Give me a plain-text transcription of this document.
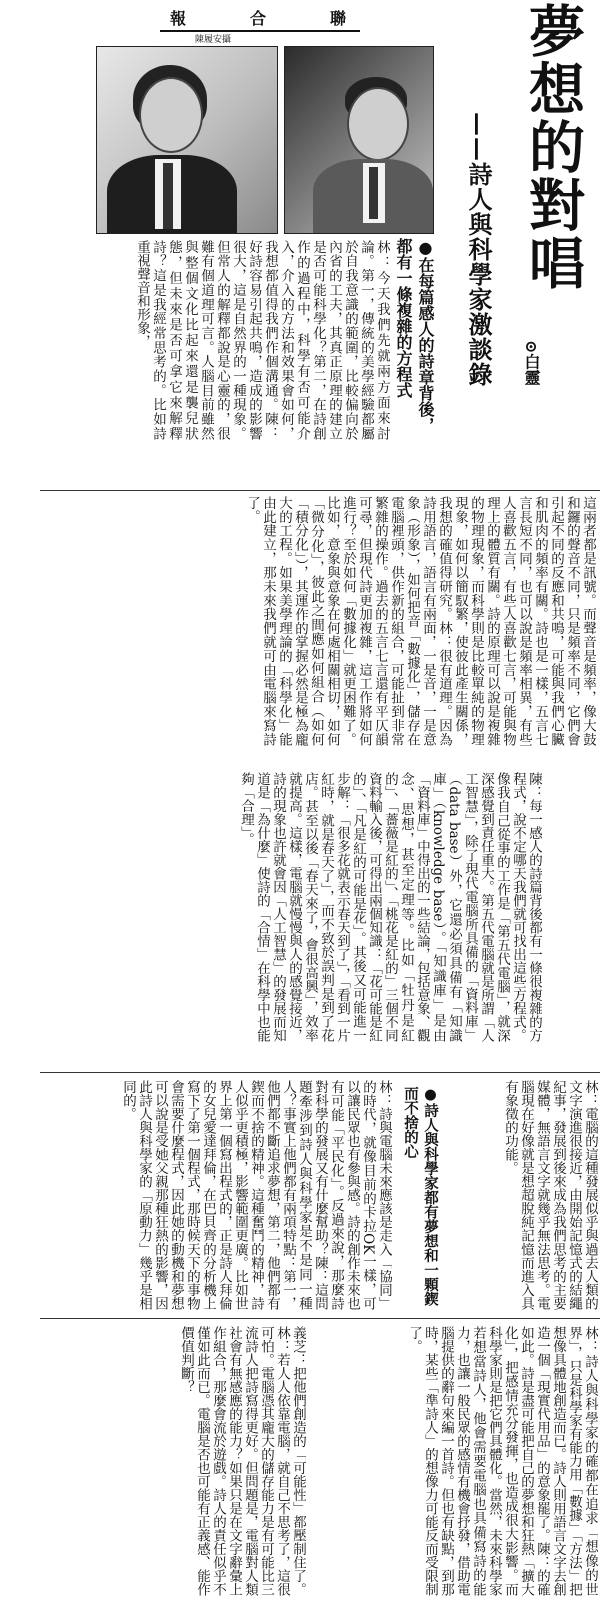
報	合	聯
陳履安攝	夢想的對唱
——詩人與科學家激談錄 ⊙白靈
●在每篇感人的詩章背後，都有一條複雜的方程式
林：今天我們先就兩方面來討論。第一，傳統的美學經驗都屬於自我意識的範圍，比較偏向於內省的工夫，其真正原理的建立是否可能科學化？第二，在詩創作的過程中，科學有否可能介入，介入的方法和效果會如何，我想都值得我們作個溝通。陳：好詩容易引起共鳴，造成的影響很大，這是自然界的一種現象。但常人的解釋都說是心靈的，很難有個道理可言。人腦目前雖然與整個文化比起來還是襲兒狀態，但未來是否可拿它來解釋詩？這是我經常思考的。比如詩重視聲音和形象，
這兩者都是訊號。而聲音是頻率，像大鼓和鑼的聲音不同，只是頻率不同，它們會引起不同的反應和共鳴，可能與我們心臟和肌肉的頻率有關。詩也是一樣，五言七言長短不同，也可以說是頻率相異，有些人喜歡五言，有些人喜歡七言，可能與物理上的體質有關。詩的原理可以說是複雜的物理現象，而科學則是比較單純的物理現象，如何以簡馭繁，使彼此產生關係，我想的確值得研究。林：很有道理。因為詩用語言，語言有兩面，一是音，一是意象（形象），如何把音「數據化」，儲存在電腦裡頭，供作新的組合，可能扯到非常繁雜的操作。過去的五言七言還有平仄韻可尋，但現代詩更加複雜，這工作將如何進行？至於如何「數據化」就更困難了。比如，意象與意象在何處相關相切，如何「微分化」，彼此之間應如何組合（如何「積分化」），其運作的掌握必然是極為龐大的工程。如果美學理論的「科學化」能由此建立，那未來我們就可由電腦來寫詩了。
陳：每一感人的詩篇背後都有一條很複雜的方程式，說不定哪天我們就可找出這些方程式。像我自己從事的工作是「第五代電腦」，就深深感覺到責任重大。第五代電腦就是所謂「人工智慧」，除了現代電腦所具備的「資料庫」（data base）外，它還必須具備有「知識庫」（knowledge base）。「知識庫」是由「資料庫」中得出的一些結論，包括意象、觀念、思想，甚至定理等。比如「牡丹是紅的」、「薔薇是紅的」、「桃花是紅的」三個不同資料輸入後，可得出兩個知識：「花可能是紅的」、「凡是紅的可能是花」。其後又可能進一步解：「很多花就表示春天到了」，「看到一片紅時，就是春天了」，而不致於誤判是到了花店。甚至以後「春天來了，會很高興」，效率就提高。這樣，電腦就慢慢與人的感覺接近，詩的現象也許就會因「人工智慧」的發展而知道是「為什麼」使詩的「合情」在科學中也能夠「合理」。
林：電腦的這種發展似乎與過去人類的文字演進很接近，由開始記憶式的結繩紀事，發展到後來成為我們思考的主要媒體，無語言文字就幾乎無法思考。電腦現在好像就是想超脫純記憶而進入具有象徵的功能。
●詩人與科學家都有夢想和一顆鍥而不捨的心
林：詩與電腦未來應該是走入「協同」的時代，就像目前的卡拉OK一樣，可以讓民眾也有參與感。詩的創作未來也有可能「平民化」。反過來說，那麼詩對科學的發展又有什麼幫助？陳：這問題牽涉到詩人與科學家是不是同一種人？事實上他們都有兩項特點：第一，他們都不斷追求夢想，第二，他們都有鍥而不捨的精神。這種奮鬥的精神，詩人似乎更積極，影響範圍更廣。比如世界上第一個寫出程式的，正是詩人拜倫的女兒愛達拜倫，在巴貝齊的分析機上寫下了第一個程式，那時候天下的事物會需要什麼程式，因此她的動機和夢想可以說是受她父親那種狂熱的影響，因此詩人與科學家的「原動力」幾乎是相同的。
林：詩人與科學家的確都在追求「想像的世界」，只是科學家有能力用「數據」「方法」把想像具體地創造而已。詩人則用語言文字去創造一個「現實代用品」的意象罷了。陳：的確如此。詩是盡可能把自己的夢想和狂熱「擴大化」，把感情充分發揮，也造成很大影響。而科學家則是把它們具體化。當然，未來科學家若想當詩人，他會需要電腦也具備寫詩的能力，也讓一般民眾的感情有機會抒發，借助電腦提供的辭句來編一首詩。但也有缺點，到那時，某些「準詩人」的想像力可能反而受限制了。
義芝：把他們創造的「可能性」都壓制住了。林：若人人依靠電腦，就自己不思考了，這很可怕。電腦憑其龐大的儲存能力是有可能比三流詩人把詩寫得更好。但問題是，電腦對人類社會有無感應的能力？如果只是在文字辭彙上作組合，那麼會流於遊戲。詩人的責任似乎不僅如此而已。電腦是否也可能有正義感、能作價值判斷？
